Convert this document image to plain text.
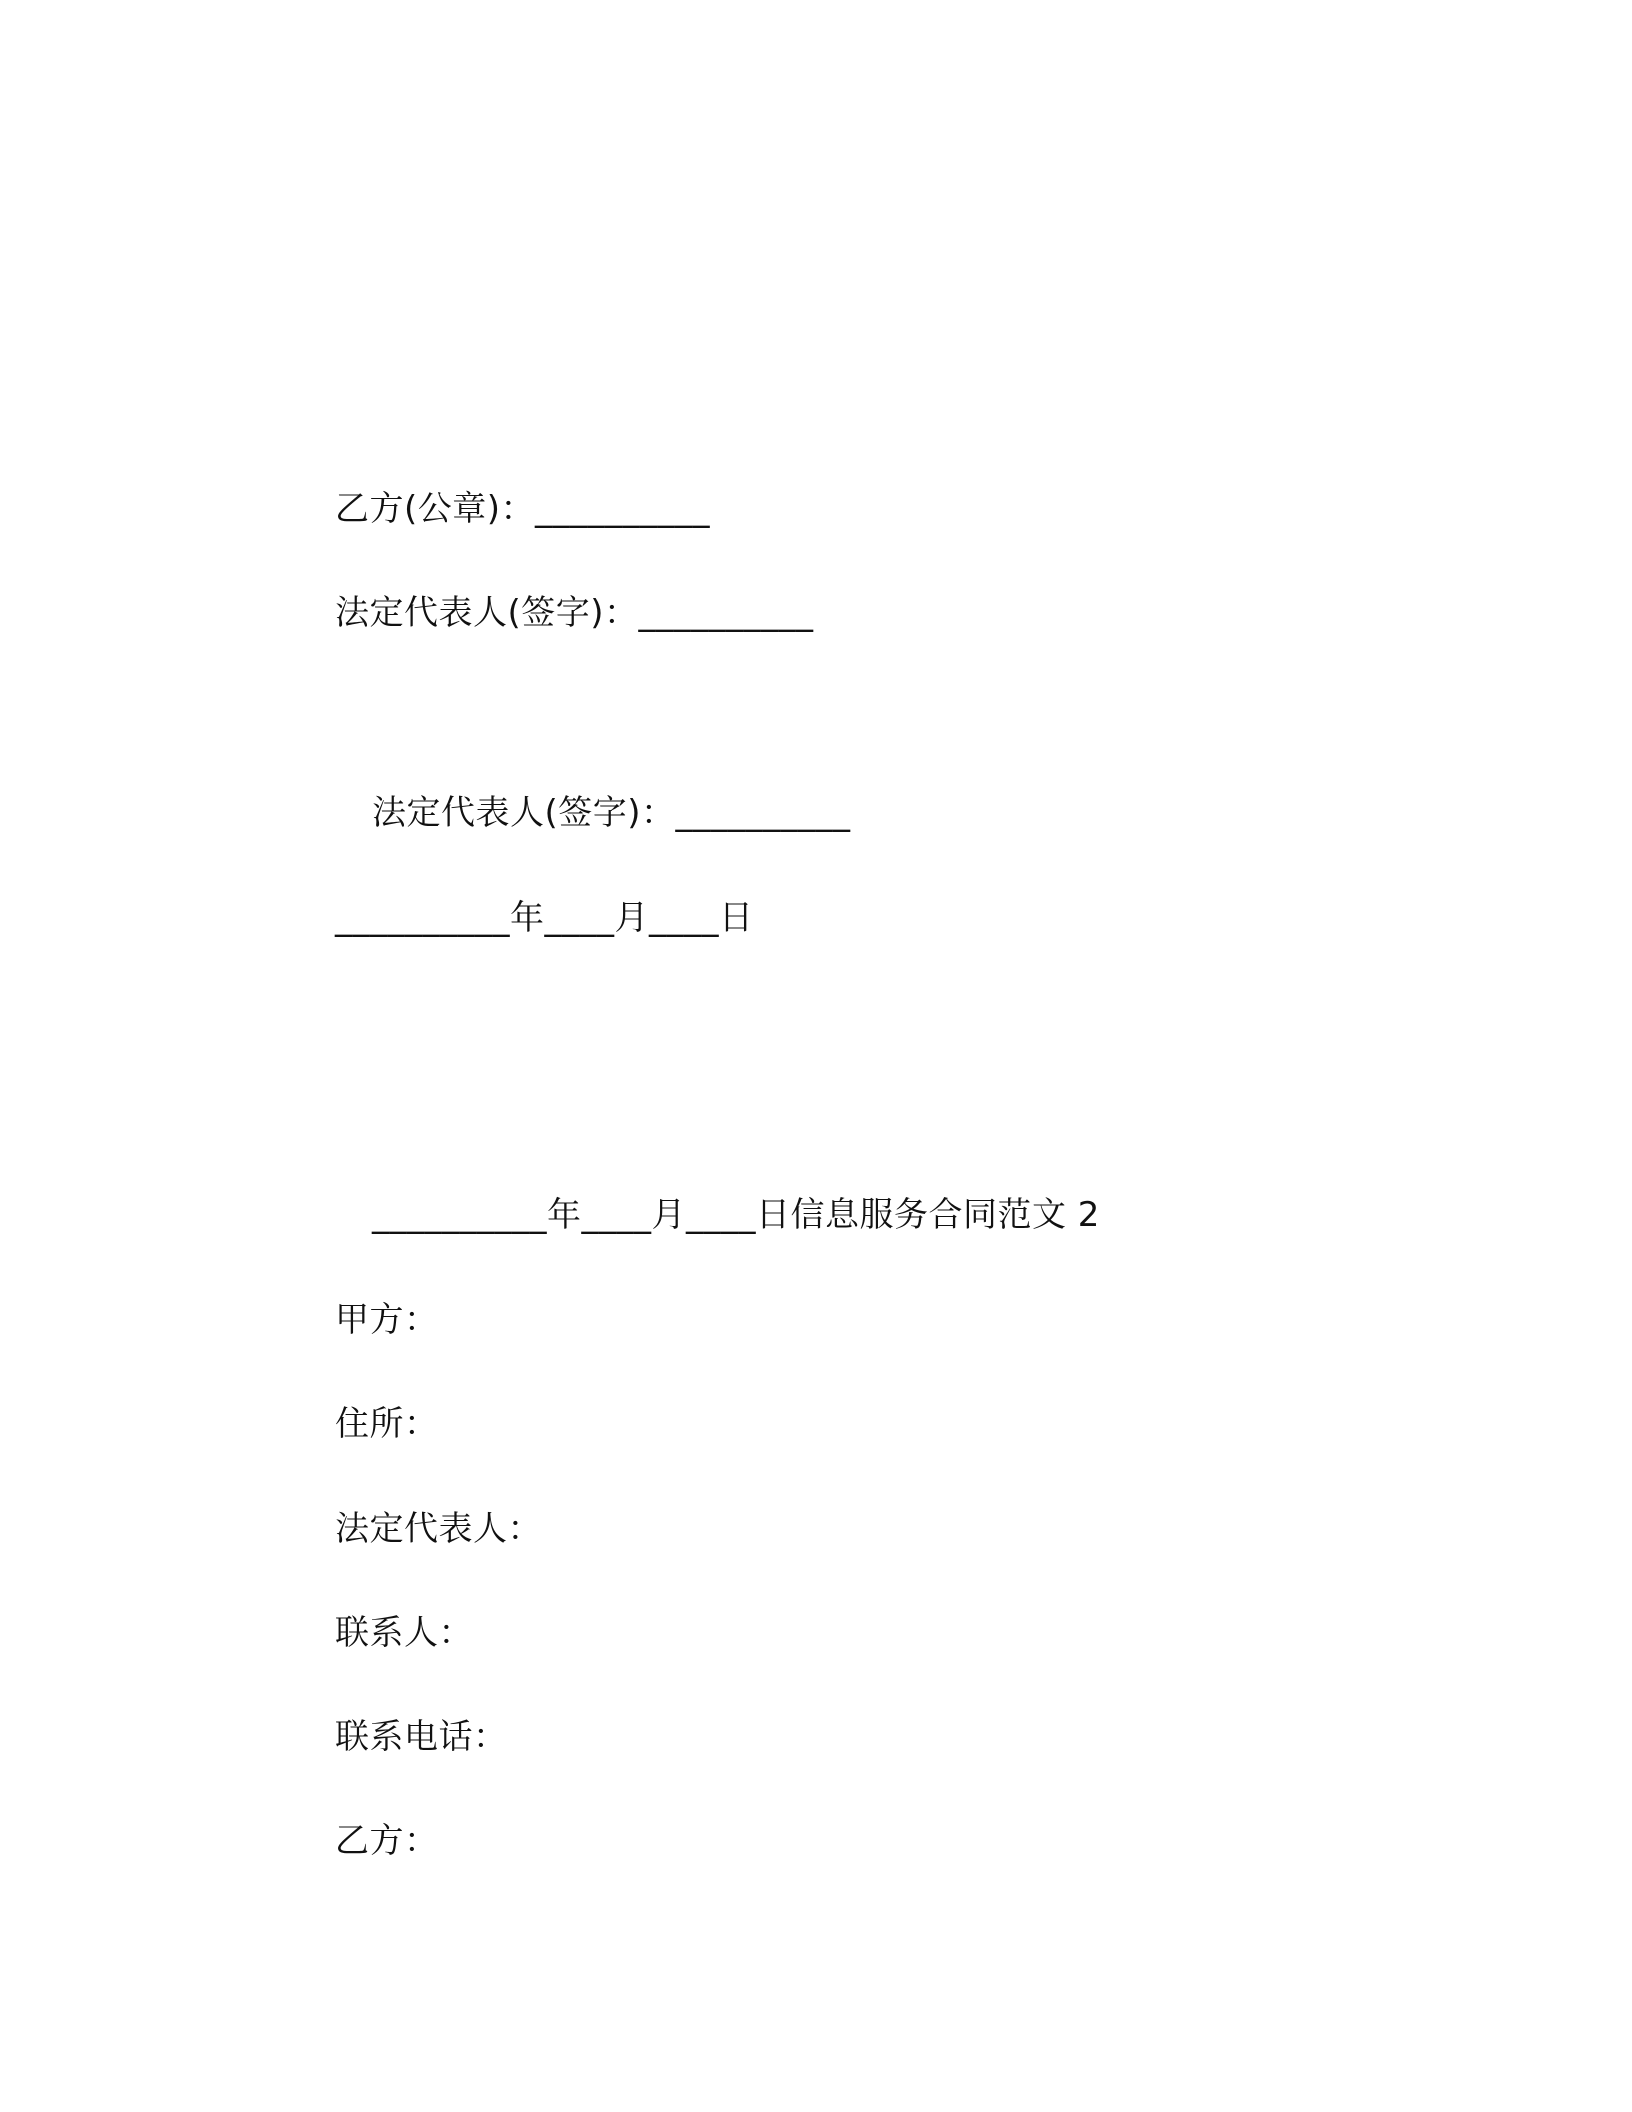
乙方(公章)：__________
法定代表人(签字)：__________
法定代表人(签字)：__________
__________年____月____日
__________年____月____日信息服务合同范文 2
甲方：
住所：
法定代表人：
联系人：
联系电话：
乙方：
